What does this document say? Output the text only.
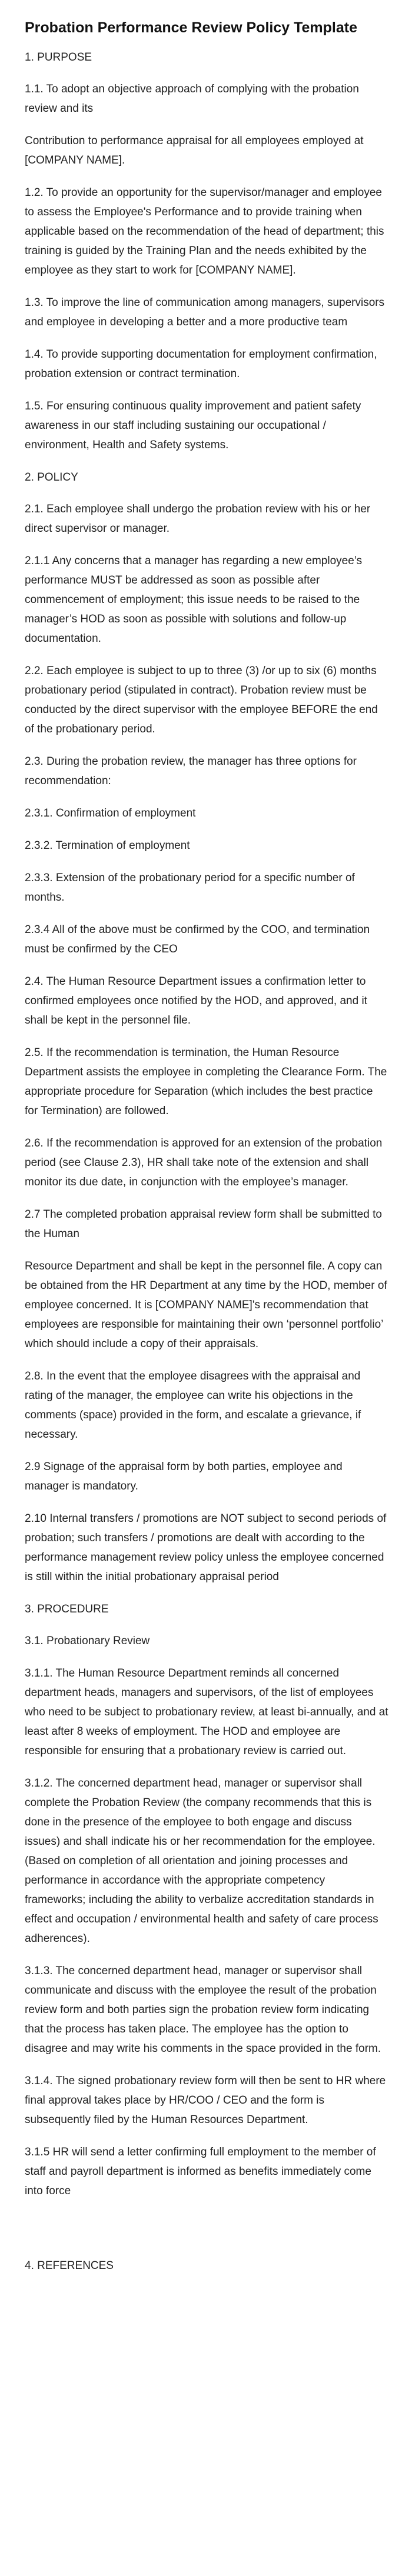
Probation Performance Review Policy Template
1. PURPOSE
1.1. To adopt an objective approach of complying with the probation review and its
Contribution to performance appraisal for all employees employed at [COMPANY NAME].
1.2. To provide an opportunity for the supervisor/manager and employee to assess the Employee's Performance and to provide training when applicable based on the recommendation of the head of department; this training is guided by the Training Plan and the needs exhibited by the employee as they start to work for [COMPANY NAME].
1.3. To improve the line of communication among managers, supervisors and employee in developing a better and a more productive team
1.4. To provide supporting documentation for employment confirmation, probation extension or contract termination.
1.5. For ensuring continuous quality improvement and patient safety awareness in our staff including sustaining our occupational / environment, Health and Safety systems.
2. POLICY
2.1. Each employee shall undergo the probation review with his or her direct supervisor or manager.
2.1.1 Any concerns that a manager has regarding a new employee’s performance MUST be addressed as soon as possible after commencement of employment; this issue needs to be raised to the manager’s HOD as soon as possible with solutions and follow-up documentation.
2.2. Each employee is subject to up to three (3) /or up to six (6) months probationary period (stipulated in contract). Probation review must be conducted by the direct supervisor with the employee BEFORE the end of the probationary period.
2.3. During the probation review, the manager has three options for recommendation:
2.3.1. Confirmation of employment
2.3.2. Termination of employment
2.3.3. Extension of the probationary period for a specific number of months.
2.3.4 All of the above must be confirmed by the COO, and termination must be confirmed by the CEO
2.4. The Human Resource Department issues a confirmation letter to confirmed employees once notified by the HOD, and approved, and it shall be kept in the personnel file.
2.5. If the recommendation is termination, the Human Resource Department assists the employee in completing the Clearance Form. The appropriate procedure for Separation (which includes the best practice for Termination) are followed.
2.6. If the recommendation is approved for an extension of the probation period (see Clause 2.3), HR shall take note of the extension and shall monitor its due date, in conjunction with the employee’s manager.
2.7 The completed probation appraisal review form shall be submitted to the Human
Resource Department and shall be kept in the personnel file. A copy can be obtained from the HR Department at any time by the HOD, member of employee concerned. It is [COMPANY NAME]'s recommendation that employees are responsible for maintaining their own ‘personnel portfolio’ which should include a copy of their appraisals.
2.8. In the event that the employee disagrees with the appraisal and rating of the manager, the employee can write his objections in the comments (space) provided in the form, and escalate a grievance, if necessary.
2.9 Signage of the appraisal form by both parties, employee and manager is mandatory.
2.10 Internal transfers / promotions are NOT subject to second periods of probation; such transfers / promotions are dealt with according to the performance management review policy unless the employee concerned is still within the initial probationary appraisal period
3. PROCEDURE
3.1. Probationary Review
3.1.1. The Human Resource Department reminds all concerned department heads, managers and supervisors, of the list of employees who need to be subject to probationary review, at least bi-annually, and at least after 8 weeks of employment. The HOD and employee are responsible for ensuring that a probationary review is carried out.
3.1.2. The concerned department head, manager or supervisor shall complete the Probation Review (the company recommends that this is done in the presence of the employee to both engage and discuss issues) and shall indicate his or her recommendation for the employee. (Based on completion of all orientation and joining processes and performance in accordance with the appropriate competency frameworks; including the ability to verbalize accreditation standards in effect and occupation / environmental health and safety of care process adherences).
3.1.3. The concerned department head, manager or supervisor shall communicate and discuss with the employee the result of the probation review form and both parties sign the probation review form indicating that the process has taken place. The employee has the option to disagree and may write his comments in the space provided in the form.
3.1.4. The signed probationary review form will then be sent to HR where final approval takes place by HR/COO / CEO and the form is subsequently filed by the Human Resources Department.
3.1.5 HR will send a letter confirming full employment to the member of staff and payroll department is informed as benefits immediately come into force
4. REFERENCES
